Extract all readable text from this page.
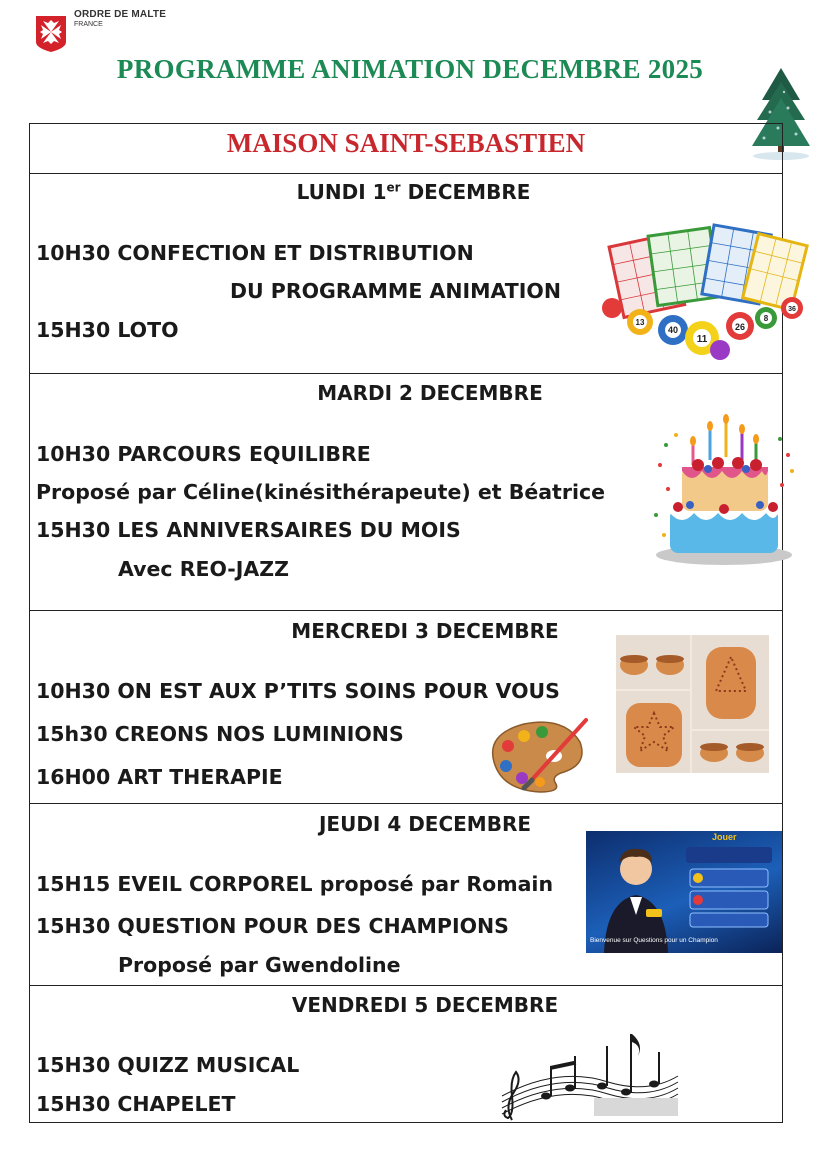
ORDRE DE MALTE
FRANCE
PROGRAMME ANIMATION DECEMBRE 2025
MAISON SAINT-SEBASTIEN
LUNDI 1er DECEMBRE
10H30 CONFECTION ET DISTRIBUTION
DU PROGRAMME ANIMATION
15H30 LOTO	13
40
11
26
8
36
MARDI 2 DECEMBRE
10H30 PARCOURS EQUILIBRE
Proposé par Céline(kinésithérapeute) et Béatrice
15H30 LES ANNIVERSAIRES DU MOIS
Avec REO-JAZZ
MERCREDI 3 DECEMBRE
10H30 ON EST AUX P’TITS SOINS POUR VOUS
15h30 CREONS NOS LUMINIONS
16H00 ART THERAPIE
JEUDI 4 DECEMBRE
15H15 EVEIL CORPOREL proposé par Romain
15H30 QUESTION POUR DES CHAMPIONS
Proposé par Gwendoline
Jouer
Bienvenue sur Questions pour un Champion
VENDREDI 5 DECEMBRE
15H30 QUIZZ MUSICAL
15H30 CHAPELET
